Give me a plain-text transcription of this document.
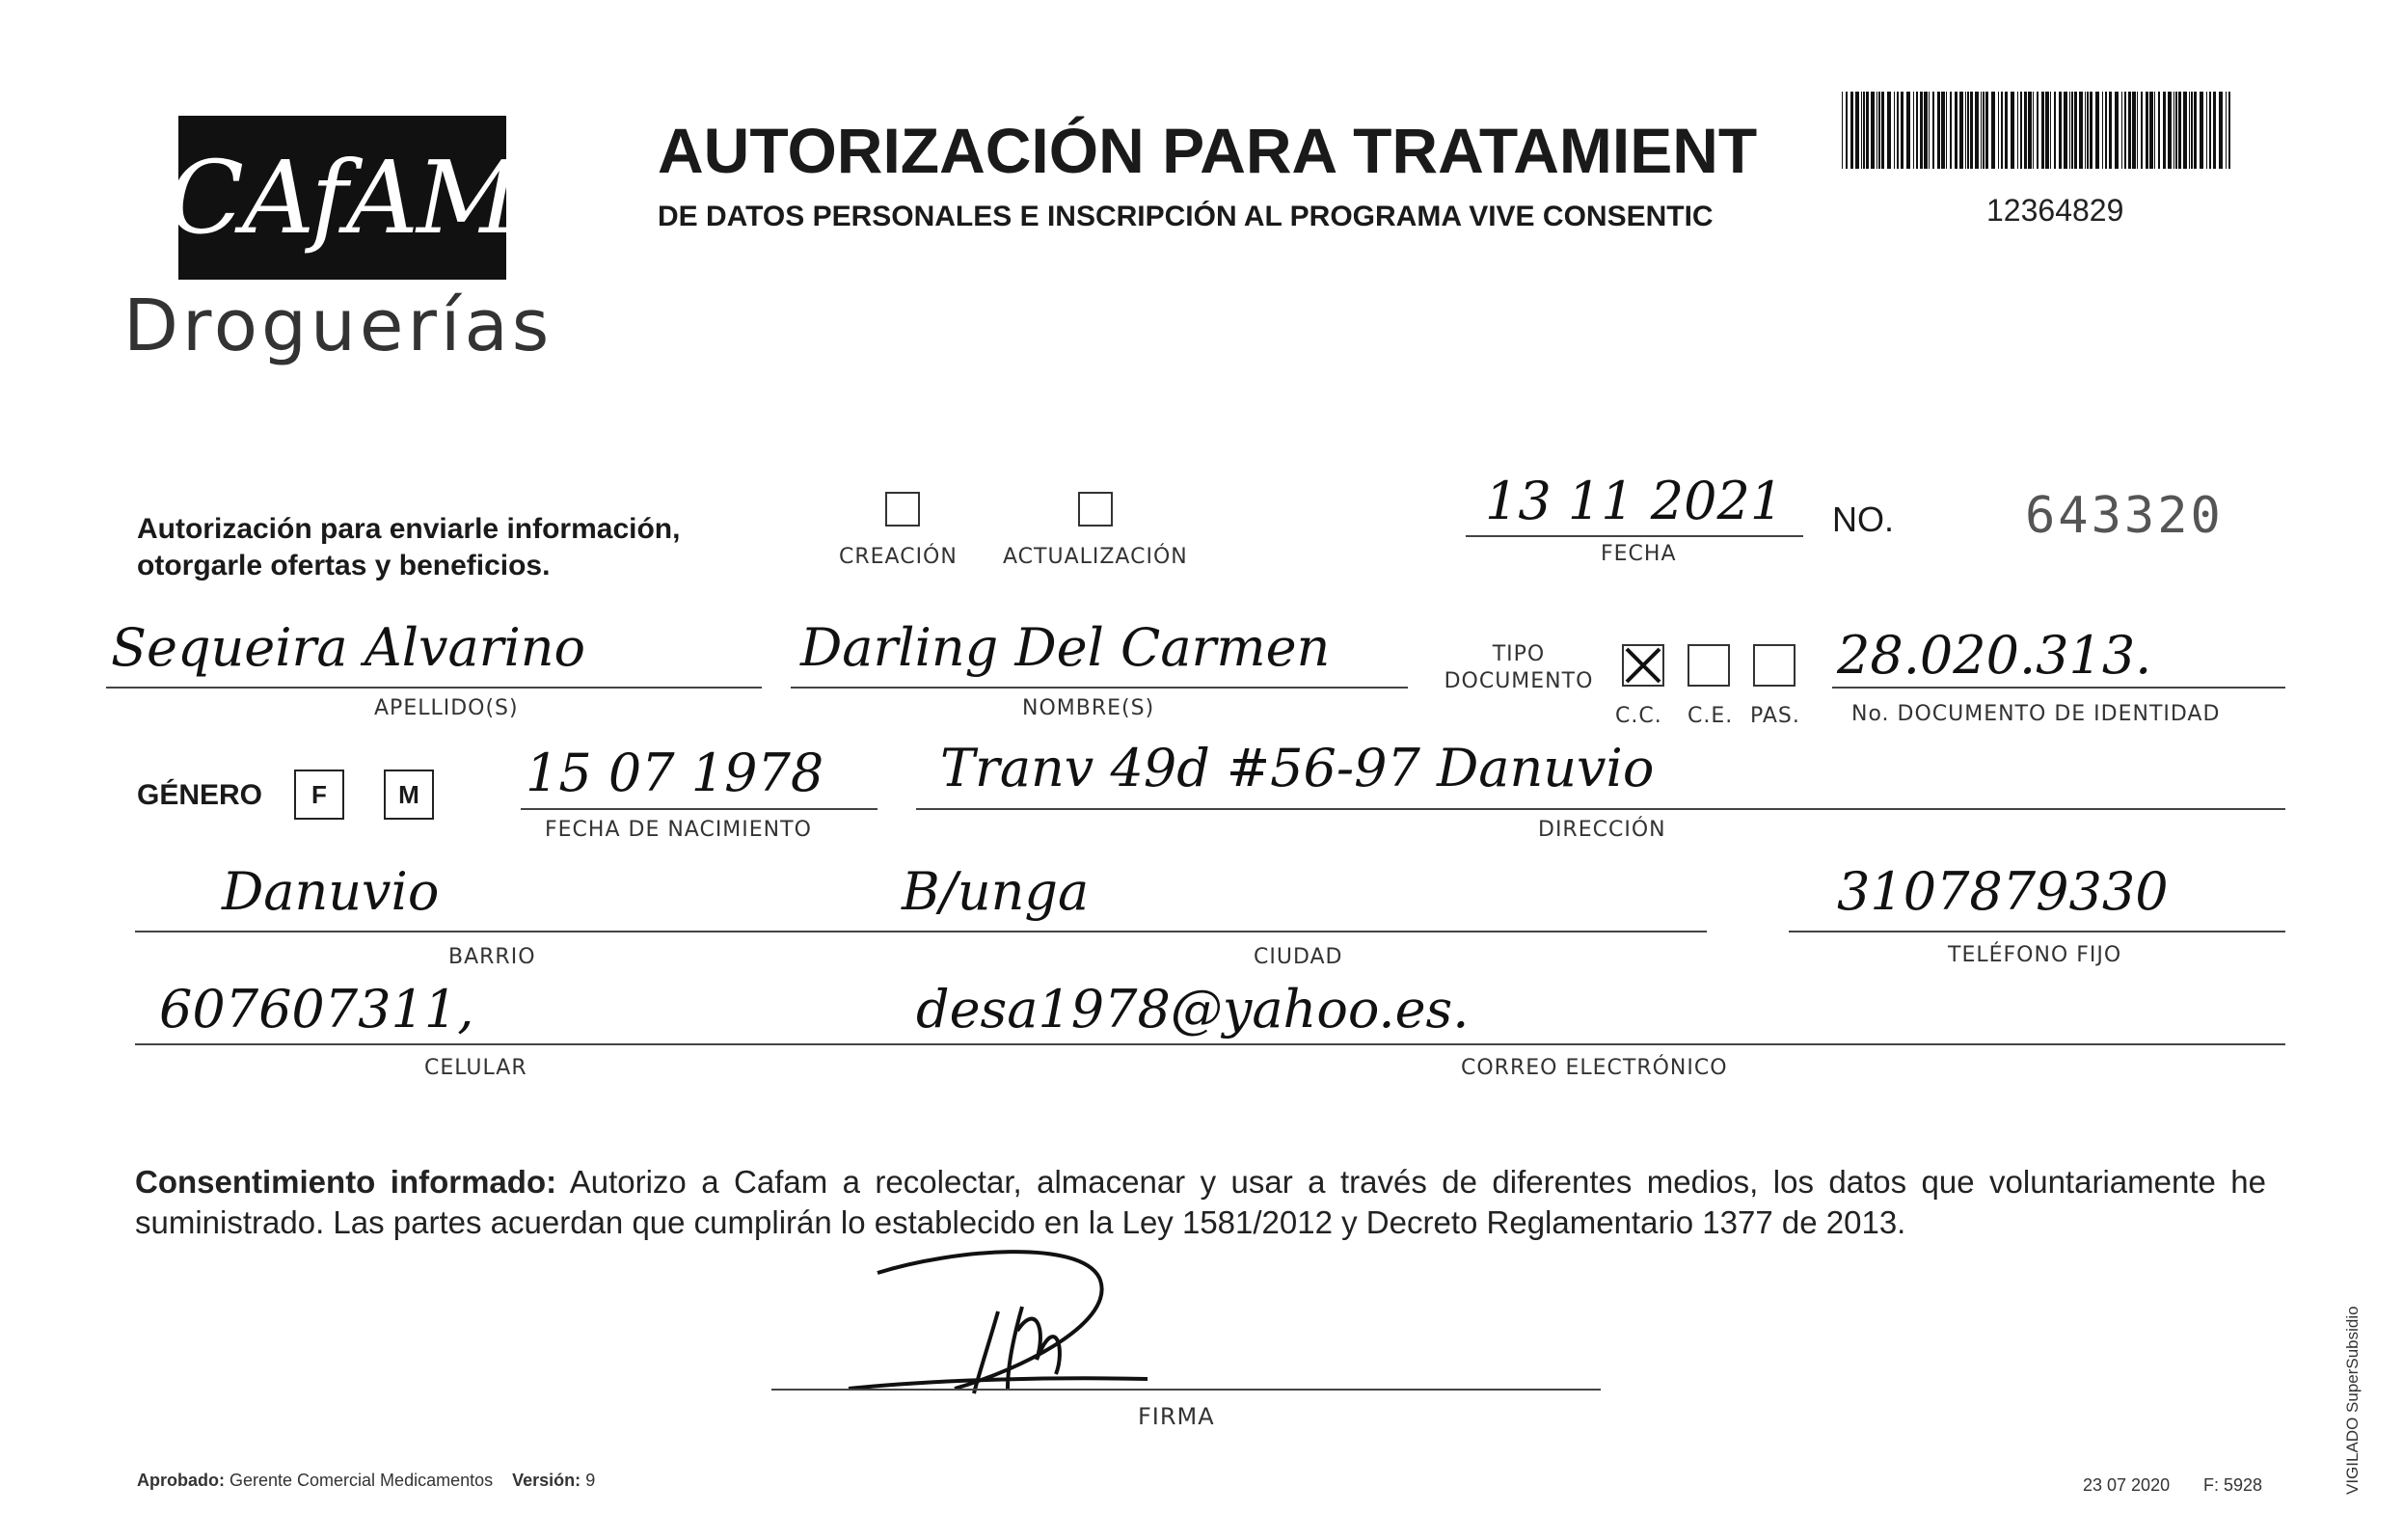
CAfAM
Droguerías
AUTORIZACIÓN PARA TRATAMIENT
DE DATOS PERSONALES E INSCRIPCIÓN AL PROGRAMA VIVE CONSENTIC	12364829
Autorización para enviarle información,
otorgarle ofertas y beneficios.	CREACIÓN ACTUALIZACIÓN
13 11 2021
FECHA
NO.	643320
Sequeira Alvarino
APELLIDO(S)
Darling Del Carmen
NOMBRE(S)
TIPO DOCUMENTO
C.C. C.E. PAS.
28.020.313.
No. DOCUMENTO DE IDENTIDAD
GÉNERO F	M 15 07 1978
FECHA DE NACIMIENTO
Tranv 49d #56-97 Danuvio
DIRECCIÓN
Danuvio
BARRIO
B/unga
CIUDAD
3107879330
TELÉFONO FIJO
607607311,
CELULAR
desa1978@yahoo.es.
CORREO ELECTRÓNICO
Consentimiento informado: Autorizo a Cafam a recolectar, almacenar y usar a través de diferentes medios, los datos que voluntariamente he suministrado. Las partes acuerdan que cumplirán lo establecido en la Ley 1581/2012 y Decreto Reglamentario 1377 de 2013.
FIRMA
Aprobado: Gerente Comercial Medicamentos Versión: 9	23 07 2020 F: 5928	VIGILADO SuperSubsidio
